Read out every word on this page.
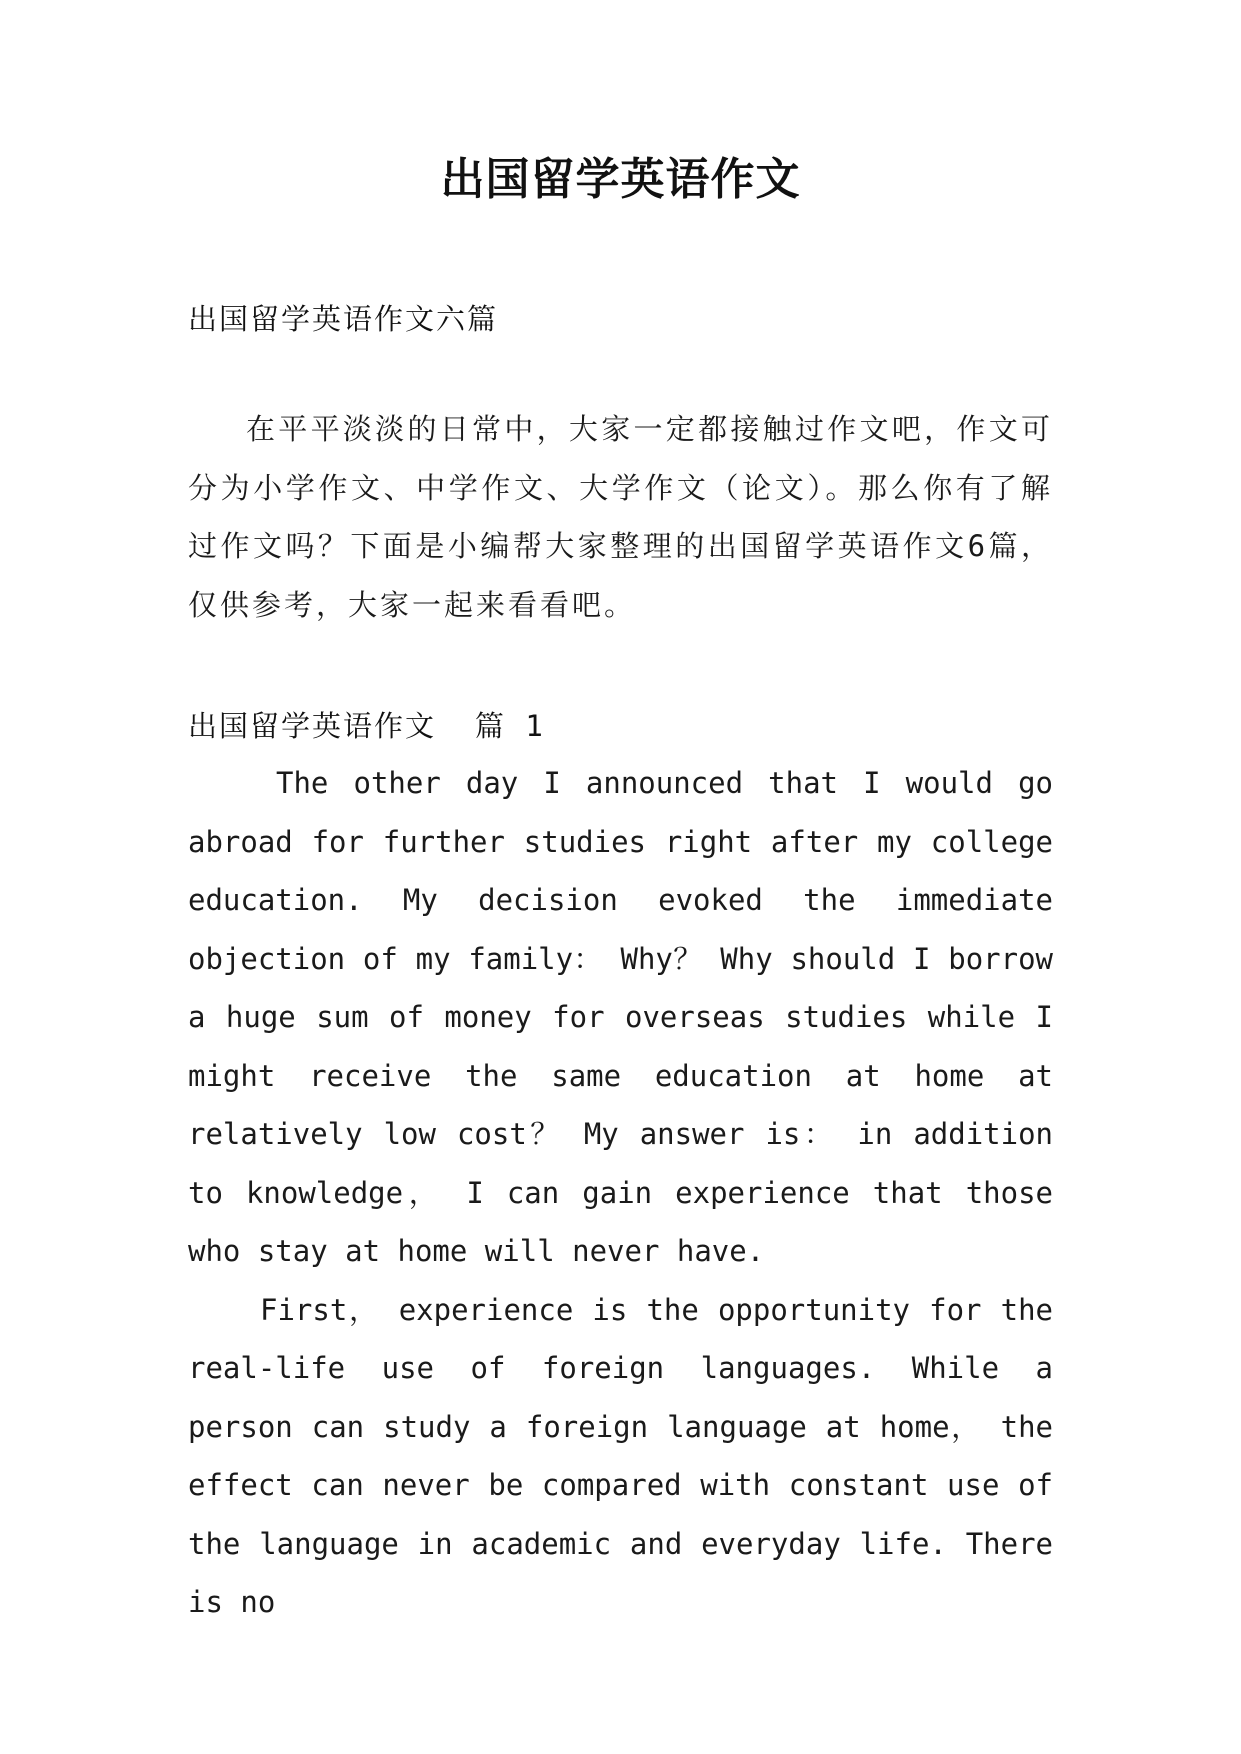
出国留学英语作文
出国留学英语作文六篇

在平平淡淡的日常中，大家一定都接触过作文吧，作文可分为小学作文、中学作文、大学作文（论文）。那么你有了解过作文吗？下面是小编帮大家整理的出国留学英语作文6篇，仅供参考，大家一起来看看吧。

出国留学英语作文  篇 1

The other day I announced that I would go abroad for further studies right after my college education. My decision evoked the immediate objection of my family： Why？ Why should I borrow a huge sum of money for overseas studies while I might receive the same education at home at relatively low cost？ My answer is： in addition to knowledge， I can gain experience that those who stay at home will never have.

First， experience is the opportunity for the real-life use of foreign languages. While a person can study a foreign language at home， the effect can never be compared with constant use of the language in academic and everyday life. There is no
